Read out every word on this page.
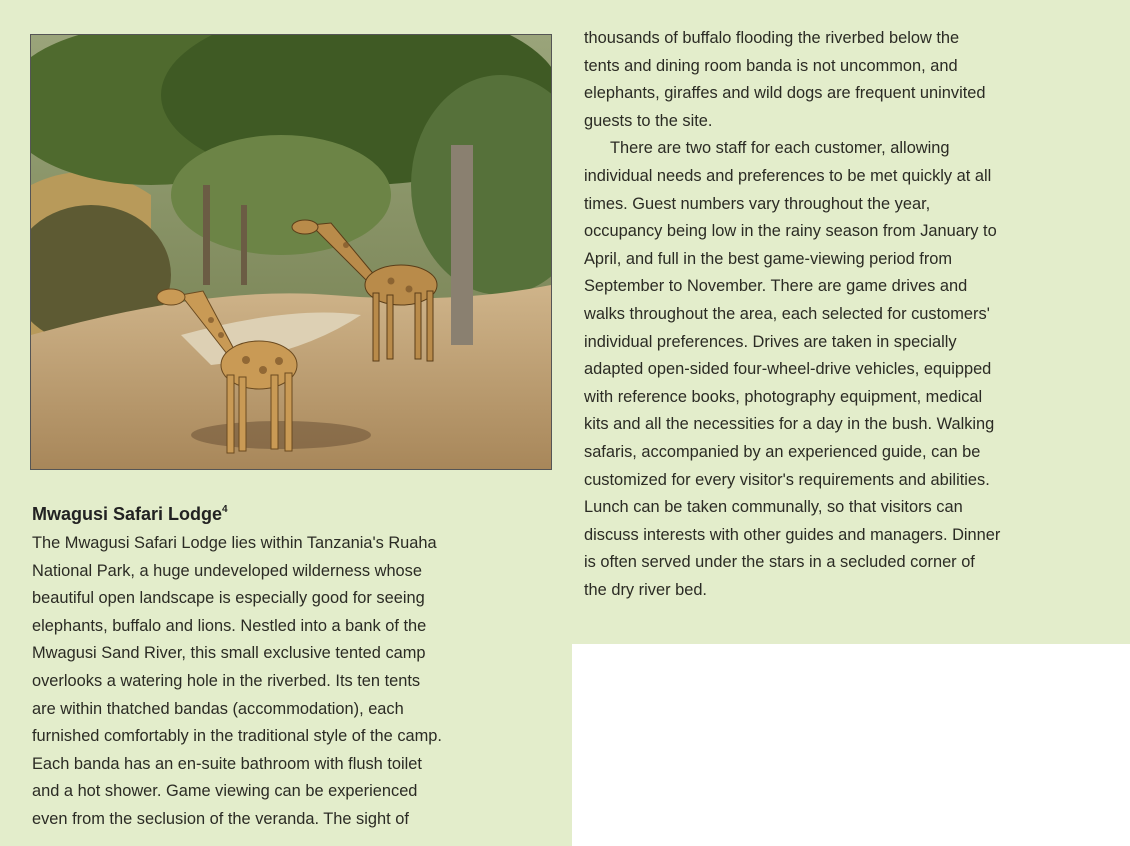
Mwagusi Safari Lodge$^4$
The Mwagusi Safari Lodge lies within Tanzania's Ruaha
National Park, a huge undeveloped wilderness whose
beautiful open landscape is especially good for seeing
elephants, buffalo and lions. Nestled into a bank of the
Mwagusi Sand River, this small exclusive tented camp
overlooks a watering hole in the riverbed. Its ten tents
are within thatched bandas (accommodation), each
furnished comfortably in the traditional style of the camp.
Each banda has an en-suite bathroom with flush toilet
and a hot shower. Game viewing can be experienced
even from the seclusion of the veranda. The sight of
thousands of buffalo flooding the riverbed below the
tents and dining room banda is not uncommon, and
elephants, giraffes and wild dogs are frequent uninvited
guests to the site.
There are two staff for each customer, allowing
individual needs and preferences to be met quickly at all
times. Guest numbers vary throughout the year,
occupancy being low in the rainy season from January to
April, and full in the best game-viewing period from
September to November. There are game drives and
walks throughout the area, each selected for customers'
individual preferences. Drives are taken in specially
adapted open-sided four-wheel-drive vehicles, equipped
with reference books, photography equipment, medical
kits and all the necessities for a day in the bush. Walking
safaris, accompanied by an experienced guide, can be
customized for every visitor's requirements and abilities.
Lunch can be taken communally, so that visitors can
discuss interests with other guides and managers. Dinner
is often served under the stars in a secluded corner of
the dry river bed.
